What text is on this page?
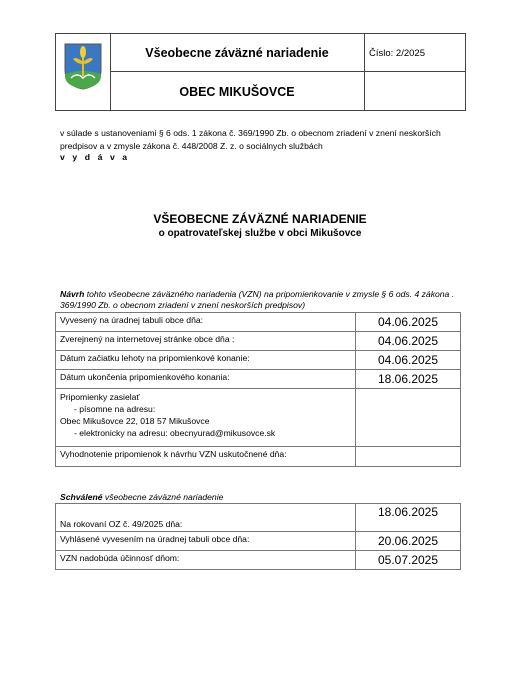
Všeobecne záväzné nariadenie
OBEC MIKUŠOVCE
Číslo: 2/2025
v súlade s ustanoveniami § 6 ods. 1 zákona č. 369/1990 Zb. o obecnom zriadení v znení neskorších predpisov a v zmysle zákona č. 448/2008 Z. z. o sociálnych službách
v y d á v a
VŠEOBECNE ZÁVÄZNÉ NARIADENIE
o opatrovateľskej službe v obci Mikušovce
Návrh tohto všeobecne záväzného nariadenia (VZN) na pripomienkovanie v zmysle § 6 ods. 4 zákona . 369/1990 Zb. o obecnom zriadení v znení neskorších predpisov)
Vyvesený na úradnej tabuli obce dňa:	04.06.2025
Zverejnený na internetovej stránke obce dňa :	04.06.2025
Dátum začiatku lehoty na pripomienkové konanie:	04.06.2025
Dátum ukončenia pripomienkového konania:	18.06.2025

Pripomienky zasielať
- písomne na adresu:
Obec Mikušovce 22, 018 57 Mikušovce
- elektronicky na adresu: obecnyurad@mikusovce.sk	

Vyhodnotenie pripomienok k návrhu VZN uskutočnené dňa:	
Schválené všeobecne záväzné nariadenie
Na rokovaní OZ č. 49/2025 dňa:	18.06.2025
Vyhlásené vyvesením na úradnej tabuli obce dňa:	20.06.2025
VZN nadobúda účinnosť dňom:	05.07.2025
